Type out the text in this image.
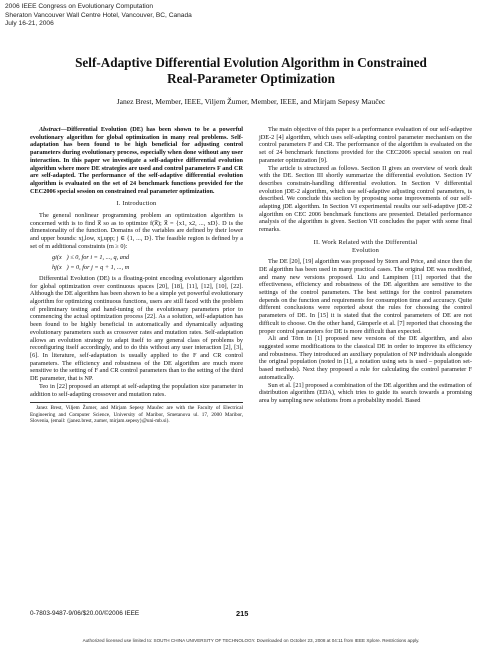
2006 IEEE Congress on Evolutionary Computation
Sheraton Vancouver Wall Centre Hotel, Vancouver, BC, Canada
July 16-21, 2006
Self-Adaptive Differential Evolution Algorithm in Constrained
Real-Parameter Optimization
Janez Brest, Member, IEEE, Viljem Žumer, Member, IEEE, and Mirjam Sepesy Maučec

Abstract—Differential Evolution (DE) has been shown to be a powerful evolutionary algorithm for global optimization in many real problems. Self-adaptation has been found to be high beneficial for adjusting control parameters during evolutionary process, especially when done without any user interaction. In this paper we investigate a self-adaptive differential evolution algorithm where more DE strategies are used and control parameters F and CR are self-adapted. The performance of the self-adaptive differential evolution algorithm is evaluated on the set of 24 benchmark functions provided for the CEC2006 special session on constrained real parameter optimization.

I. Introduction

The general nonlinear programming problem an optimization algorithm is concerned with is to find x⃗ so as to optimize f(x⃗); x⃗ = {x1, x2, ..., xD}. D is the dimensionality of the function. Domains of the variables are defined by their lower and upper bounds: xj,low, xj,upp; j ∈ {1, ..., D}. The feasible region is defined by a set of m additional constraints (m ≥ 0):

gi(x⃗) ≤ 0, for i = 1, ..., q, and
hj(x⃗) = 0, for j = q + 1, ..., m

Differential Evolution (DE) is a floating-point encoding evolutionary algorithm for global optimization over continuous spaces [20], [18], [11], [12], [10], [22]. Although the DE algorithm has been shown to be a simple yet powerful evolutionary algorithm for optimizing continuous functions, users are still faced with the problem of preliminary testing and hand-tuning of the evolutionary parameters prior to commencing the actual optimization process [22]. As a solution, self-adaptation has been found to be highly beneficial in automatically and dynamically adjusting evolutionary parameters such as crossover rates and mutation rates. Self-adaptation allows an evolution strategy to adapt itself to any general class of problems by reconfiguring itself accordingly, and to do this without any user interaction [2], [3], [6]. In literature, self-adaptation is usually applied to the F and CR control parameters. The efficiency and robustness of the DE algorithm are much more sensitive to the setting of F and CR control parameters than to the setting of the third DE parameter, that is NP.

Teo in [22] proposed an attempt at self-adapting the population size parameter in addition to self-adapting crossover and mutation rates.

Janez Brest, Viljem Žumer, and Mirjam Sepesy Maučec are with the Faculty of Electrical Engineering and Computer Science, University of Maribor, Smetanova ul. 17, 2000 Maribor, Slovenia, (email: {janez.brest, zumer, mirjam.sepesy}@uni-mb.si).

The main objective of this paper is a performance evaluation of our self-adaptive jDE-2 [4] algorithm, which uses self-adapting control parameter mechanism on the control parameters F and CR. The performance of the algorithm is evaluated on the set of 24 benchmark functions provided for the CEC2006 special session on real parameter optimization [9].

The article is structured as follows. Section II gives an overview of work dealt with the DE. Section III shortly summarize the differential evolution. Section IV describes constrain-handling differential evolution. In Section V differential evolution jDE-2 algorithm, which use self-adaptive adjusting control parameters, is described. We conclude this section by proposing some improvements of our self-adapting jDE algorithm. In Section VI experimental results our self-adaptive jDE-2 algorithm on CEC 2006 benchmark functions are presented. Detailed performance analysis of the algorithm is given. Section VII concludes the paper with some final remarks.

II. Work Related with the Differential
Evolution

The DE [20], [19] algorithm was proposed by Storn and Price, and since then the DE algorithm has been used in many practical cases. The original DE was modified, and many new versions proposed. Liu and Lampinen [11] reported that the effectiveness, efficiency and robustness of the DE algorithm are sensitive to the settings of the control parameters. The best settings for the control parameters depends on the function and requirements for consumption time and accuracy. Quite different conclusions were reported about the rules for choosing the control parameters of DE. In [15] it is stated that the control parameters of DE are not difficult to choose. On the other hand, Gämperle et al. [7] reported that choosing the proper control parameters for DE is more difficult than expected.

Ali and Törn in [1] proposed new versions of the DE algorithm, and also suggested some modifications to the classical DE in order to improve its efficiency and robustness. They introduced an auxiliary population of NP individuals alongside the original population (noted in [1], a notation using sets is used – population set-based methods). Next they proposed a rule for calculating the control parameter F automatically.

Sun et al. [21] proposed a combination of the DE algorithm and the estimation of distribution algorithm (EDA), which tries to guide its search towards a promising area by sampling new solutions from a probability model. Based

0-7803-9487-9/06/$20.00/©2006 IEEE	215
Authorized licensed use limited to: SOUTH CHINA UNIVERSITY OF TECHNOLOGY. Downloaded on October 23, 2008 at 04:11 from IEEE Xplore. Restrictions apply.
